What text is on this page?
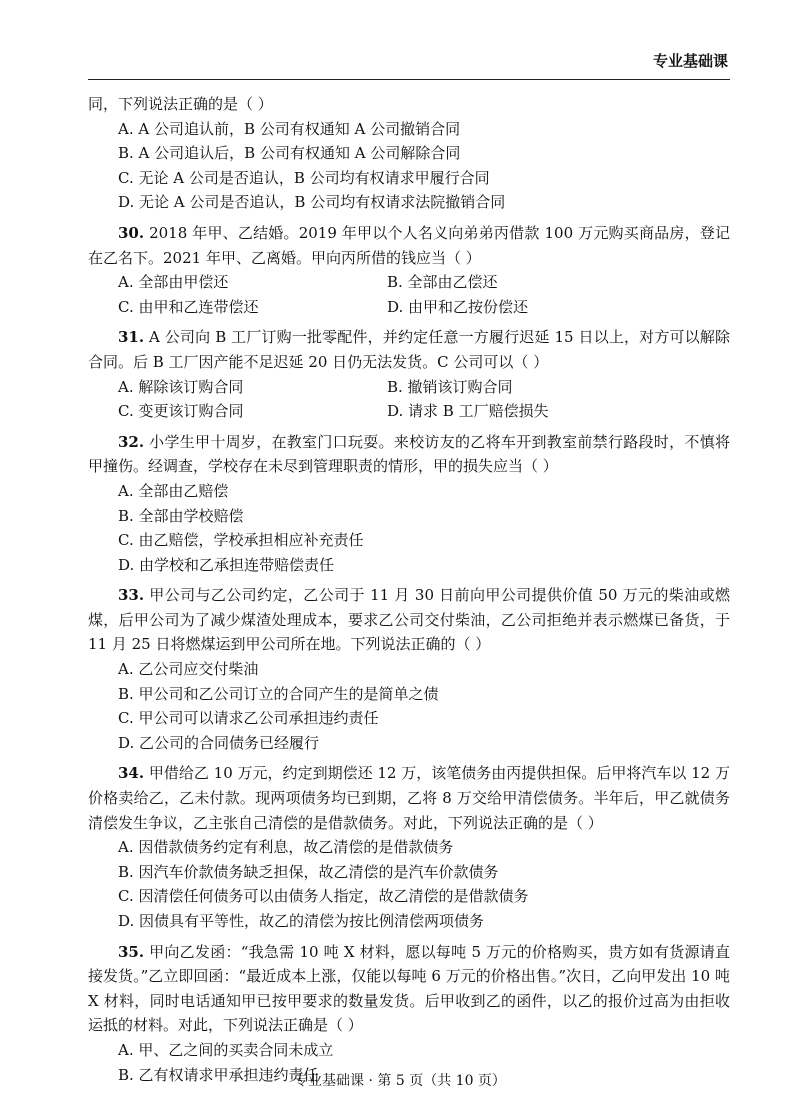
专业基础课

同，下列说法正确的是（ ）

A. A 公司追认前，B 公司有权通知 A 公司撤销合同

B. A 公司追认后，B 公司有权通知 A 公司解除合同

C. 无论 A 公司是否追认，B 公司均有权请求甲履行合同

D. 无论 A 公司是否追认，B 公司均有权请求法院撤销合同

30. 2018 年甲、乙结婚。2019 年甲以个人名义向弟弟丙借款 100 万元购买商品房，登记在乙名下。2021 年甲、乙离婚。甲向丙所借的钱应当（ ）

A. 全部由甲偿还	B. 全部由乙偿还
C. 由甲和乙连带偿还	D. 由甲和乙按份偿还

31. A 公司向 B 工厂订购一批零配件，并约定任意一方履行迟延 15 日以上，对方可以解除合同。后 B 工厂因产能不足迟延 20 日仍无法发货。C 公司可以（ ）

A. 解除该订购合同	B. 撤销该订购合同
C. 变更该订购合同	D. 请求 B 工厂赔偿损失

32. 小学生甲十周岁，在教室门口玩耍。来校访友的乙将车开到教室前禁行路段时，不慎将甲撞伤。经调查，学校存在未尽到管理职责的情形，甲的损失应当（ ）

A. 全部由乙赔偿

B. 全部由学校赔偿

C. 由乙赔偿，学校承担相应补充责任

D. 由学校和乙承担连带赔偿责任

33. 甲公司与乙公司约定，乙公司于 11 月 30 日前向甲公司提供价值 50 万元的柴油或燃煤，后甲公司为了减少煤渣处理成本，要求乙公司交付柴油，乙公司拒绝并表示燃煤已备货，于 11 月 25 日将燃煤运到甲公司所在地。下列说法正确的（ ）

A. 乙公司应交付柴油

B. 甲公司和乙公司订立的合同产生的是简单之债

C. 甲公司可以请求乙公司承担违约责任

D. 乙公司的合同债务已经履行

34. 甲借给乙 10 万元，约定到期偿还 12 万，该笔债务由丙提供担保。后甲将汽车以 12 万价格卖给乙，乙未付款。现两项债务均已到期，乙将 8 万交给甲清偿债务。半年后，甲乙就债务清偿发生争议，乙主张自己清偿的是借款债务。对此，下列说法正确的是（ ）

A. 因借款债务约定有利息，故乙清偿的是借款债务

B. 因汽车价款债务缺乏担保，故乙清偿的是汽车价款债务

C. 因清偿任何债务可以由债务人指定，故乙清偿的是借款债务

D. 因债具有平等性，故乙的清偿为按比例清偿两项债务

35. 甲向乙发函：“我急需 10 吨 X 材料，愿以每吨 5 万元的价格购买，贵方如有货源请直接发货。”乙立即回函：“最近成本上涨，仅能以每吨 6 万元的价格出售。”次日，乙向甲发出 10 吨 X 材料，同时电话通知甲已按甲要求的数量发货。后甲收到乙的函件，以乙的报价过高为由拒收运抵的材料。对此，下列说法正确是（ ）

A. 甲、乙之间的买卖合同未成立

B. 乙有权请求甲承担违约责任

专业基础课 · 第 5 页（共 10 页）
